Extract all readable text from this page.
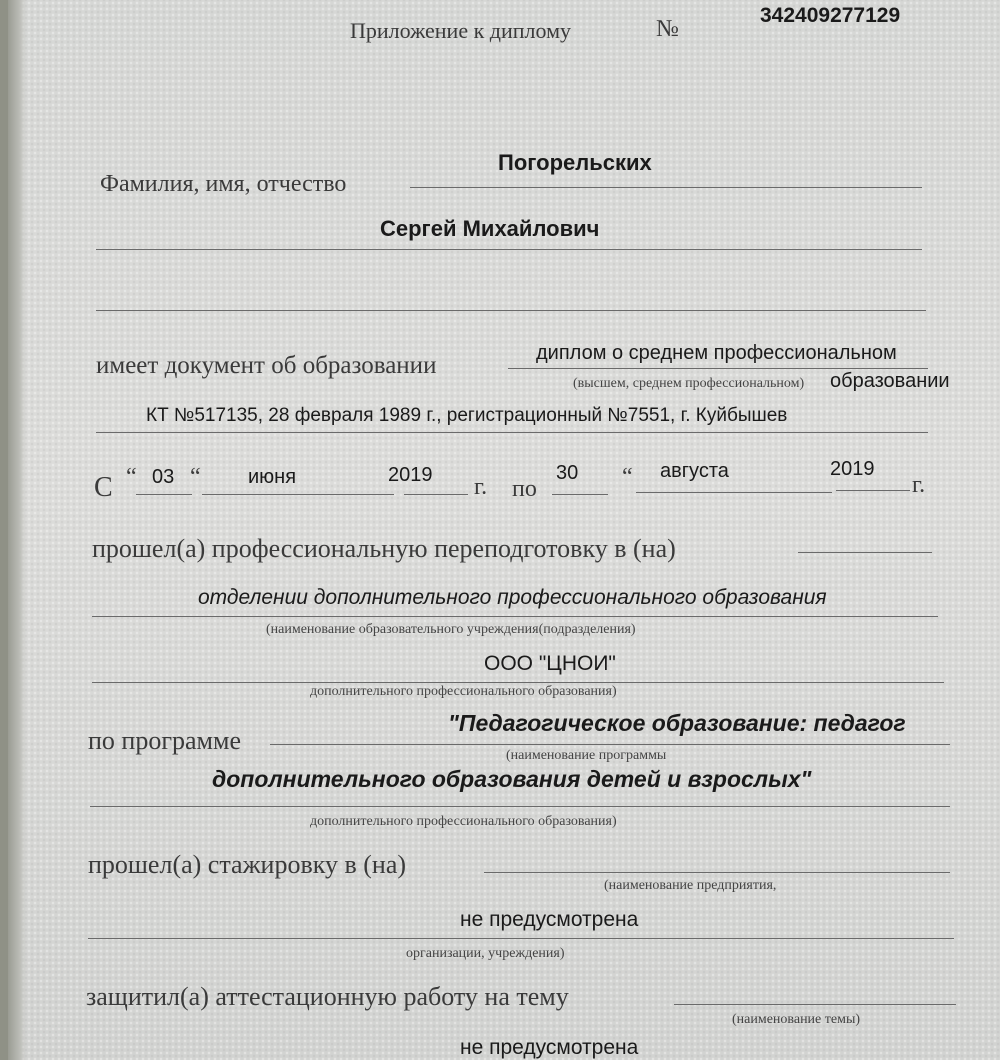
Приложение к диплому	№
342409277129
Погорельских
Фамилия, имя, отчество
Сергей Михайлович
имеет документ об образовании	диплом о среднем профессиональном
(высшем, среднем профессиональном) образовании
КТ №517135, 28 февраля 1989 г., регистрационный №7551, г. Куйбышев
С “ 03 “ июня	2019 г. по
30 “ августа	2019
г.
прошел(а) профессиональную переподготовку в (на)
отделении дополнительного профессионального образования
(наименование образовательного учреждения(подразделения)
ООО "ЦНОИ"
дополнительного профессионального образования)
"Педагогическое образование: педагог
по программе
(наименование программы
дополнительного образования детей и взрослых"
дополнительного профессионального образования)
прошел(а) стажировку в (на)
(наименование предприятия,
не предусмотрена
организации, учреждения)
защитил(а) аттестационную работу на тему
(наименование темы)
не предусмотрена
